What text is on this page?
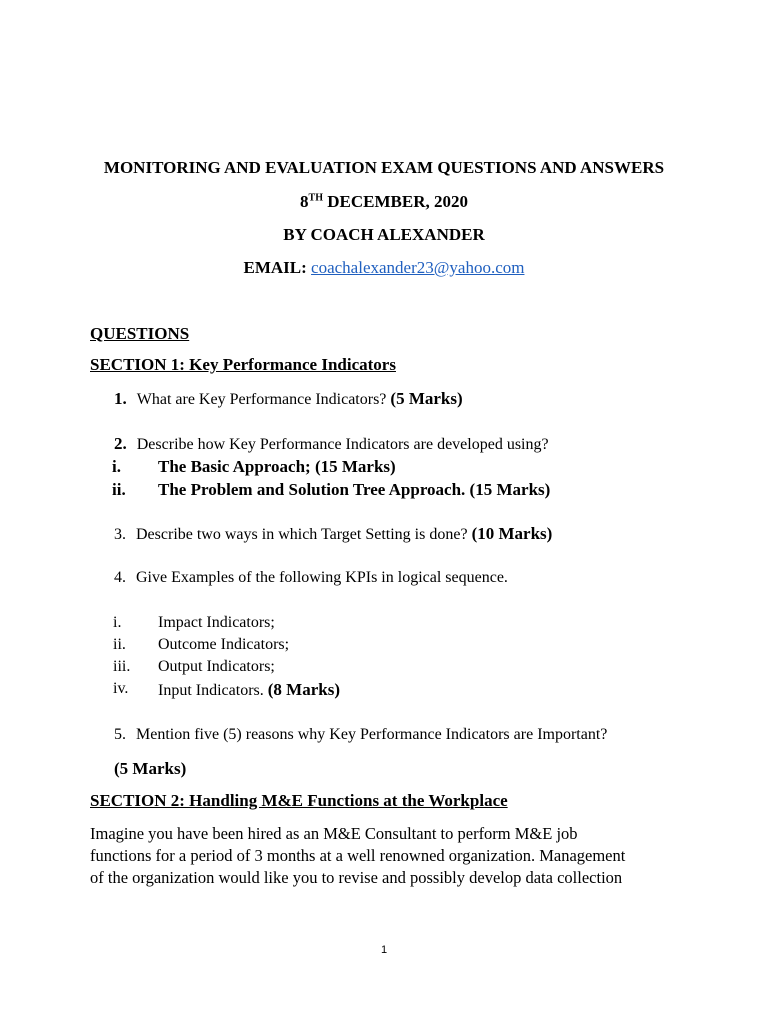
MONITORING AND EVALUATION EXAM QUESTIONS AND ANSWERS
8TH DECEMBER, 2020
BY COACH ALEXANDER
EMAIL: coachalexander23@yahoo.com
QUESTIONS
SECTION 1: Key Performance Indicators
1. What are Key Performance Indicators? (5 Marks)
2. Describe how Key Performance Indicators are developed using?
i. The Basic Approach; (15 Marks)
ii. The Problem and Solution Tree Approach. (15 Marks)
3. Describe two ways in which Target Setting is done? (10 Marks)
4. Give Examples of the following KPIs in logical sequence.
i. Impact Indicators;
ii. Outcome Indicators;
iii. Output Indicators;
iv. Input Indicators. (8 Marks)
5. Mention five (5) reasons why Key Performance Indicators are Important?
(5 Marks)
SECTION 2: Handling M&E Functions at the Workplace
Imagine you have been hired as an M&E Consultant to perform M&E job
functions for a period of 3 months at a well renowned organization. Management
of the organization would like you to revise and possibly develop data collection
1
